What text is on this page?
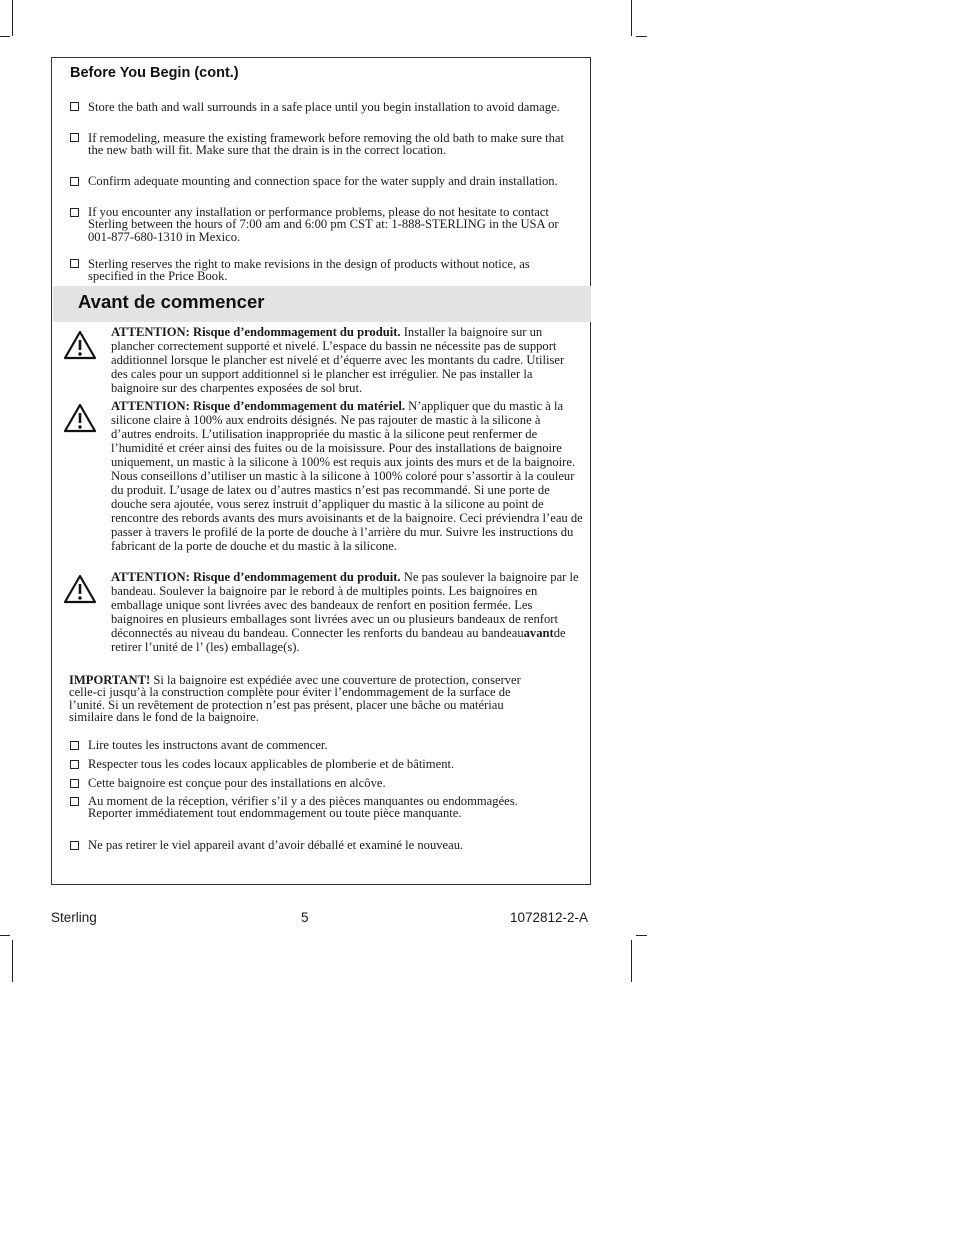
Before You Begin (cont.)
Store the bath and wall surrounds in a safe place until you begin installation to avoid damage.
If remodeling, measure the existing framework before removing the old bath to make sure that the new bath will fit. Make sure that the drain is in the correct location.
Confirm adequate mounting and connection space for the water supply and drain installation.
If you encounter any installation or performance problems, please do not hesitate to contact Sterling between the hours of 7:00 am and 6:00 pm CST at: 1-888-STERLING in the USA or 001-877-680-1310 in Mexico.
Sterling reserves the right to make revisions in the design of products without notice, as specified in the Price Book.
Avant de commencer
ATTENTION: Risque d’endommagement du produit. Installer la baignoire sur un plancher correctement supporté et nivelé. L’espace du bassin ne nécessite pas de support additionnel lorsque le plancher est nivelé et d’équerre avec les montants du cadre. Utiliser des cales pour un support additionnel si le plancher est irrégulier. Ne pas installer la baignoire sur des charpentes exposées de sol brut.
ATTENTION: Risque d’endommagement du matériel. N’appliquer que du mastic à la silicone claire à 100% aux endroits désignés. Ne pas rajouter de mastic à la silicone à d’autres endroits. L’utilisation inappropriée du mastic à la silicone peut renfermer de l’humidité et créer ainsi des fuites ou de la moisissure. Pour des installations de baignoire uniquement, un mastic à la silicone à 100% est requis aux joints des murs et de la baignoire. Nous conseillons d’utiliser un mastic à la silicone à 100% coloré pour s’assortir à la couleur du produit. L’usage de latex ou d’autres mastics n’est pas recommandé. Si une porte de douche sera ajoutée, vous serez instruit d’appliquer du mastic à la silicone au point de rencontre des rebords avants des murs avoisinants et de la baignoire. Ceci préviendra l’eau de passer à travers le profilé de la porte de douche à l’arrière du mur. Suivre les instructions du fabricant de la porte de douche et du mastic à la silicone.
ATTENTION: Risque d’endommagement du produit. Ne pas soulever la baignoire par le bandeau. Soulever la baignoire par le rebord à de multiples points. Les baignoires en emballage unique sont livrées avec des bandeaux de renfort en position fermée. Les baignoires en plusieurs emballages sont livrées avec un ou plusieurs bandeaux de renfort déconnectés au niveau du bandeau. Connecter les renforts du bandeau au bandeauavantde retirer l’unité de l’ (les) emballage(s).
IMPORTANT! Si la baignoire est expédiée avec une couverture de protection, conserver celle-ci jusqu’à la construction complète pour éviter l’endommagement de la surface de l’unité. Si un revêtement de protection n’est pas présent, placer une bâche ou matériau similaire dans le fond de la baignoire.
Lire toutes les instructons avant de commencer.
Respecter tous les codes locaux applicables de plomberie et de bâtiment.
Cette baignoire est conçue pour des installations en alcôve.
Au moment de la réception, vérifier s’il y a des pièces manquantes ou endommagées. Reporter immédiatement tout endommagement ou toute pièce manquante.
Ne pas retirer le viel appareil avant d’avoir déballé et examiné le nouveau.
Sterling	5	1072812-2-A
